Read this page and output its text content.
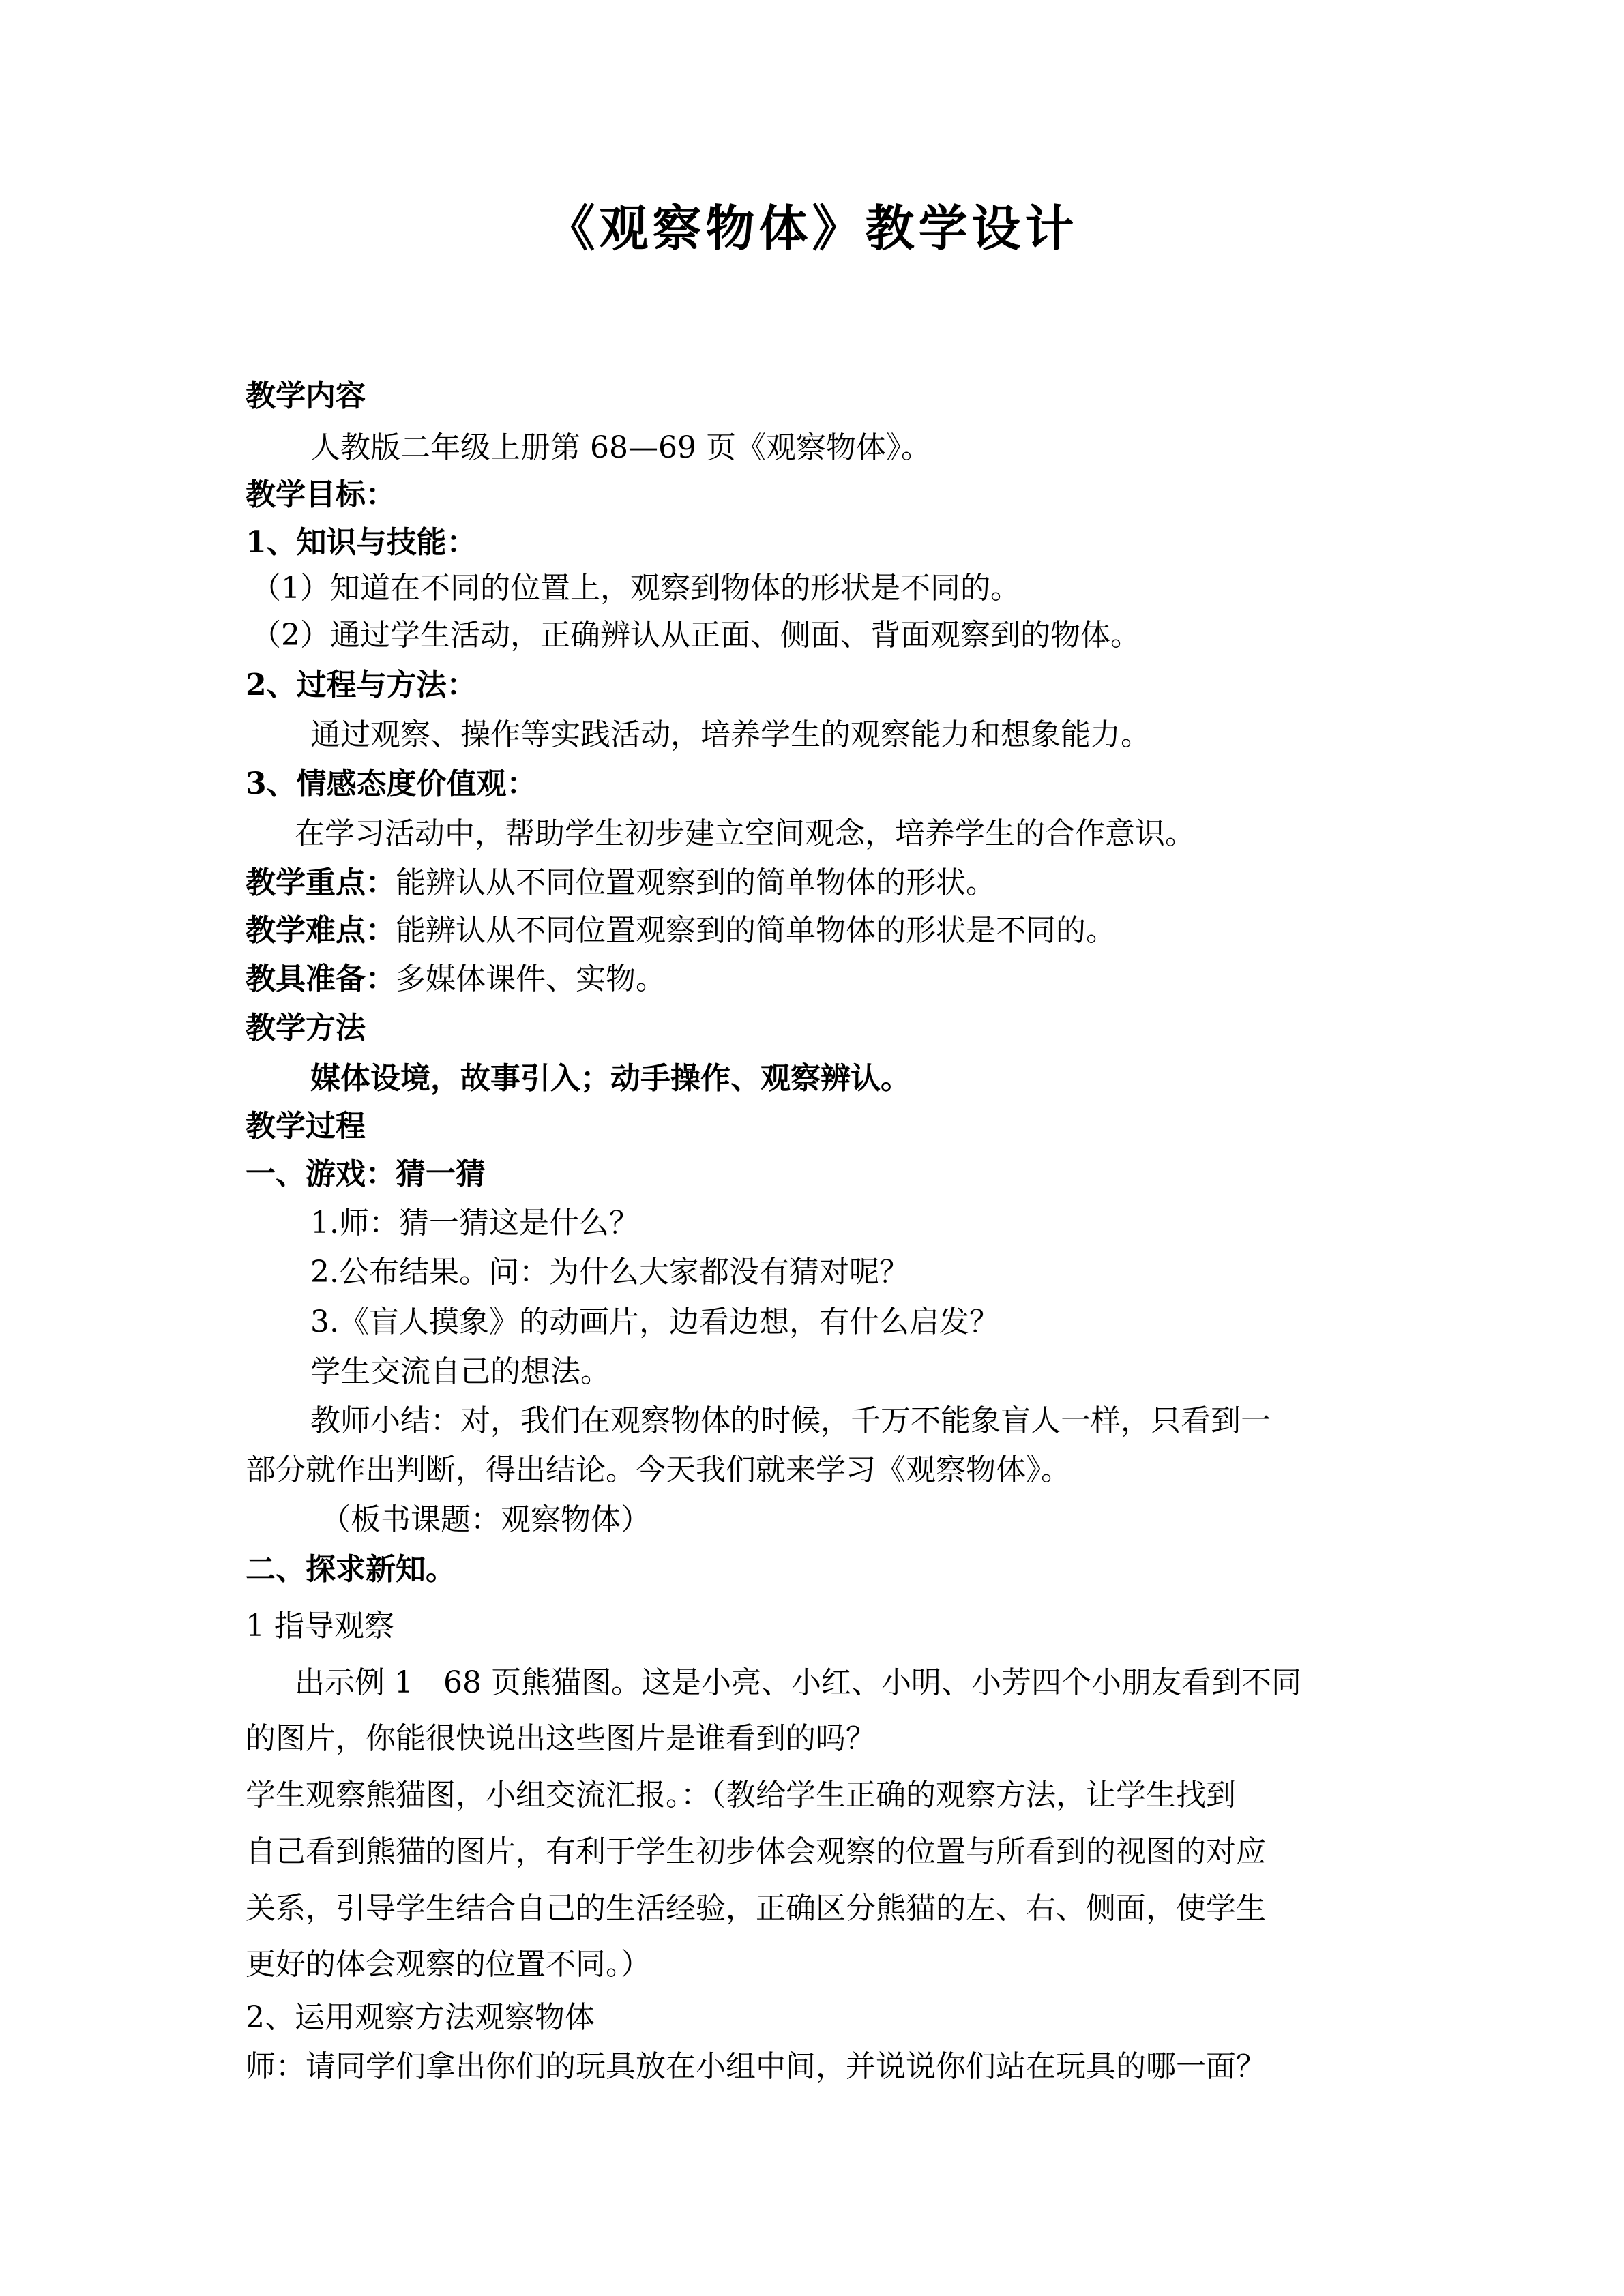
《观察物体》教学设计
教学内容
人教版二年级上册第 68—69 页《观察物体》。
教学目标：
1、知识与技能：
（1）知道在不同的位置上，观察到物体的形状是不同的。
（2）通过学生活动，正确辨认从正面、侧面、背面观察到的物体。
2、过程与方法：
通过观察、操作等实践活动，培养学生的观察能力和想象能力。
3、情感态度价值观：
在学习活动中，帮助学生初步建立空间观念，培养学生的合作意识。
教学重点：能辨认从不同位置观察到的简单物体的形状。
教学难点：能辨认从不同位置观察到的简单物体的形状是不同的。
教具准备：多媒体课件、实物。
教学方法
媒体设境，故事引入；动手操作、观察辨认。
教学过程
一、游戏：猜一猜
1.师：猜一猜这是什么？
2.公布结果。问：为什么大家都没有猜对呢？
3.《盲人摸象》的动画片，边看边想，有什么启发？
学生交流自己的想法。
教师小结：对，我们在观察物体的时候，千万不能象盲人一样，只看到一
部分就作出判断，得出结论。今天我们就来学习《观察物体》。
（板书课题：观察物体）
二、探求新知。
1 指导观察
出示例 1　68 页熊猫图。这是小亮、小红、小明、小芳四个小朋友看到不同
的图片，你能很快说出这些图片是谁看到的吗？
学生观察熊猫图，小组交流汇报。：（教给学生正确的观察方法，让学生找到
自己看到熊猫的图片，有利于学生初步体会观察的位置与所看到的视图的对应
关系，引导学生结合自己的生活经验，正确区分熊猫的左、右、侧面，使学生
更好的体会观察的位置不同。）
2、运用观察方法观察物体
师：请同学们拿出你们的玩具放在小组中间，并说说你们站在玩具的哪一面？
